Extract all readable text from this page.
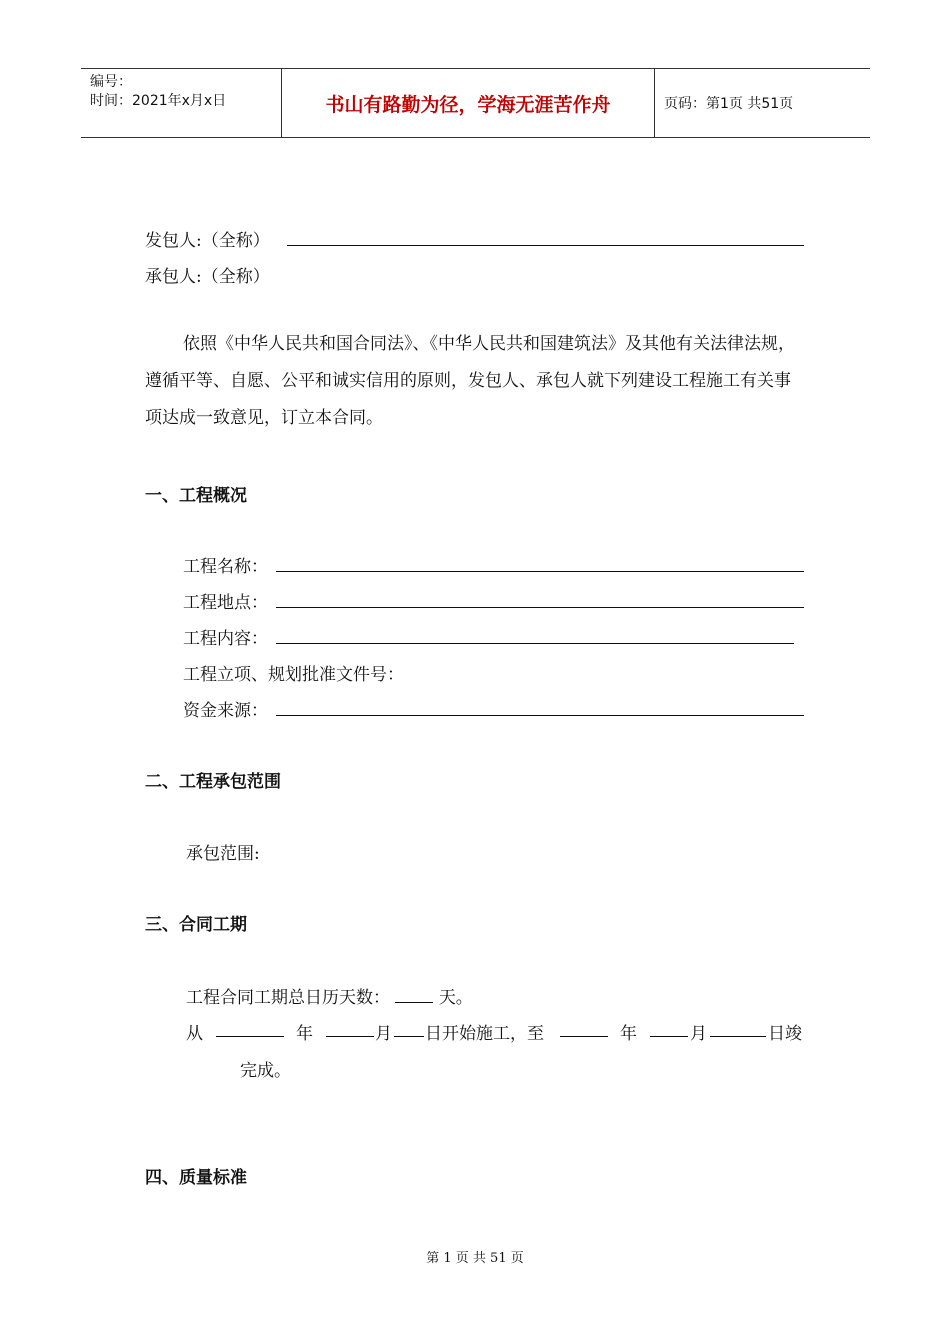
编号：
时间：2021年x月x日	书山有路勤为径，学海无涯苦作舟	页码：第1页 共51页
发包人:（全称）
承包人:（全称）
依照《中华人民共和国合同法》、《中华人民共和国建筑法》及其他有关法律法规，遵循平等、自愿、公平和诚实信用的原则，发包人、承包人就下列建设工程施工有关事项达成一致意见，订立本合同。
一、工程概况
工程名称：
工程地点：
工程内容：
工程立项、规划批准文件号：
资金来源：
二、工程承包范围
承包范围:
三、合同工期
工程合同工期总日历天数：	天。
从	年	月 日开始施工，至	年	月	日竣
完成。
四、质量标准
第 1 页 共 51 页
